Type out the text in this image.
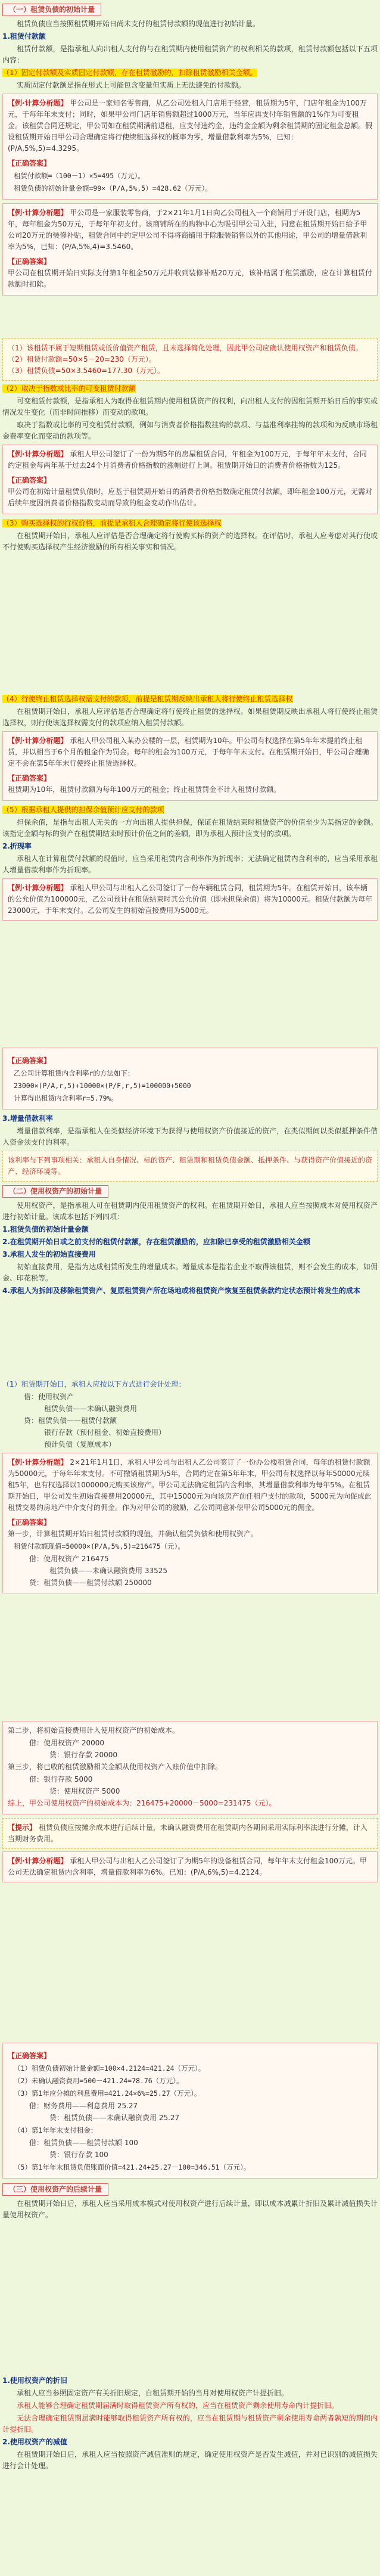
（一）租赁负债的初始计量

租赁负债应当按照租赁期开始日尚未支付的租赁付款额的现值进行初始计量。

1.租赁付款额

租赁付款额，是指承租人向出租人支付的与在租赁期内使用租赁资产的权利相关的款项，租赁付款额包括以下五项内容：

（1）固定付款额及实质固定付款额，存在租赁激励的，扣除租赁激励相关金额。

实质固定付款额是指在形式上可能包含变量但实质上无法避免的付款额。

【例·计算分析题】 甲公司是一家知名零售商，从乙公司处租入门店用于经营，租赁期为5年，门店年租金为100万元，于每年年末支付；同时，如果甲公司门店年销售额超过1000万元，当年应再支付年销售额的1%作为可变租金。该租赁合同还规定，甲公司如在租赁期满前退租，应支付违约金，违约金金额为剩余租赁期的固定租金总额。假设租赁期开始日甲公司合理确定将行使续租选择权的概率为零，增量借款利率为5%，已知：(P/A,5%,5)=4.3295。
【正确答案】
租赁付款额=（100－1）×5=495（万元）。
租赁负债的初始计量金额=99×（P/A,5%,5）=428.62（万元）。
【例·计算分析题】 甲公司是一家服装零售商，于2×21年1月1日向乙公司租入一个商铺用于开设门店，租期为5年，每年租金为50万元，于每年年初支付。该商铺所在的购物中心为吸引甲公司入驻，同意在租赁期开始日给予甲公司20万元的装修补贴，租赁合同中约定甲公司不得将商铺用于除服装销售以外的其他用途，甲公司的增量借款利率为5%，已知：(P/A,5%,4)=3.5460。
【正确答案】
甲公司在租赁期开始日实际支付第1年租金50万元并收到装修补贴20万元，该补贴属于租赁激励，应在计算租赁付款额时扣除。
（1）该租赁不属于短期租赁或低价值资产租赁，且未选择简化处理，因此甲公司应确认使用权资产和租赁负债。
（2）租赁付款额=50×5－20=230（万元）。
（3）租赁负债=50×3.5460=177.30（万元）。

（2）取决于指数或比率的可变租赁付款额

可变租赁付款额，是指承租人为取得在租赁期内使用租赁资产的权利，向出租人支付的因租赁期开始日后的事实或情况发生变化（而非时间推移）而变动的款项。

取决于指数或比率的可变租赁付款额，例如与消费者价格指数挂钩的款项、与基准利率挂钩的款项和为反映市场租金费率变化而变动的款项等。

【例·计算分析题】 承租人甲公司签订了一份为期5年的房屋租赁合同，年租金为100万元，于每年年末支付，合同约定租金每两年基于过去24个月消费者价格指数的涨幅进行上调。租赁期开始日的消费者价格指数为125。
【正确答案】
甲公司在初始计量租赁负债时，应基于租赁期开始日的消费者价格指数确定租赁付款额，即年租金100万元，无需对后续年度因消费者价格指数变动而导致的租金变动作出估计。

（3）购买选择权的行权价格，前提是承租人合理确定将行使该选择权

在租赁期开始日，承租人应评估是否合理确定将行使购买标的资产的选择权。在评估时，承租人应考虑对其行使或不行使购买选择权产生经济激励的所有相关事实和情况。

（4）行使终止租赁选择权需支付的款项，前提是租赁期反映出承租人将行使终止租赁选择权

在租赁期开始日，承租人应评估是否合理确定将行使终止租赁的选择权。如果租赁期反映出承租人将行使终止租赁选择权，则行使该选择权需支付的款项应纳入租赁付款额。

【例·计算分析题】 承租人甲公司租入某办公楼的一层，租赁期为10年。甲公司有权选择在第5年年末提前终止租赁，并以相当于6个月的租金作为罚金。每年的租金为100万元，于每年年末支付。在租赁期开始日，甲公司合理确定不会在第5年年末行使终止租赁选择权。
【正确答案】
租赁期为10年，租赁付款额为每年100万元的租金；终止租赁罚金不计入租赁付款额。

（5）根据承租人提供的担保余值预计应支付的款项

担保余值，是指与出租人无关的一方向出租人提供担保，保证在租赁结束时租赁资产的价值至少为某指定的金额。该指定金额与标的资产在租赁期结束时预计价值之间的差额，即为承租人预计应支付的款项。

2.折现率

承租人在计算租赁付款额的现值时，应当采用租赁内含利率作为折现率；无法确定租赁内含利率的，应当采用承租人增量借款利率作为折现率。

【例·计算分析题】 承租人甲公司与出租人乙公司签订了一份车辆租赁合同，租赁期为5年。在租赁开始日，该车辆的公允价值为100000元，乙公司预计在租赁结束时其公允价值（即未担保余值）将为10000元。租赁付款额为每年23000元，于年末支付。乙公司发生的初始直接费用为5000元。
【正确答案】
乙公司计算租赁内含利率r的方法如下：
23000×(P/A,r,5)+10000×(P/F,r,5)=100000+5000
计算得出租赁内含利率r=5.79%。
3.增量借款利率

增量借款利率，是指承租人在类似经济环境下为获得与使用权资产价值接近的资产，在类似期间以类似抵押条件借入资金须支付的利率。

该利率与下列事项相关：承租人自身情况、标的资产、租赁期和租赁负债金额、抵押条件、与获得资产价值接近的资产、经济环境等。
（二）使用权资产的初始计量

使用权资产，是指承租人可在租赁期内使用租赁资产的权利。在租赁期开始日，承租人应当按照成本对使用权资产进行初始计量。该成本包括下列四项：

1.租赁负债的初始计量金额
2.在租赁期开始日或之前支付的租赁付款额，存在租赁激励的，应扣除已享受的租赁激励相关金额
3.承租人发生的初始直接费用

初始直接费用，是指为达成租赁所发生的增量成本。增量成本是指若企业不取得该租赁，则不会发生的成本，如佣金、印花税等。

4.承租人为拆卸及移除租赁资产、复原租赁资产所在场地或将租赁资产恢复至租赁条款约定状态预计将发生的成本

（1）租赁期开始日，承租人应按以下方式进行会计处理：

借：使用权资产
租赁负债——未确认融资费用
贷：租赁负债——租赁付款额
银行存款（预付租金、初始直接费用）
预计负债（复原成本）
【例·计算分析题】 2×21年1月1日，承租人甲公司与出租人乙公司签订了一份办公楼租赁合同，每年的租赁付款额为50000元，于每年年末支付。不可撤销租赁期为5年，合同约定在第5年年末，甲公司有权选择以每年50000元续租5年，也有权选择以1000000元购买该房产。甲公司无法确定租赁内含利率，其增量借款利率为每年5%。在租赁期开始日，甲公司发生初始直接费用20000元，其中15000元为向该房产前任租户支付的款项，5000元为向促成此租赁交易的房地产中介支付的佣金。作为对甲公司的激励，乙公司同意补偿甲公司5000元的佣金。
【正确答案】
第一步，计算租赁期开始日租赁付款额的现值，并确认租赁负债和使用权资产。
租赁付款额现值=50000×(P/A,5%,5)=216475（元）。
借：使用权资产 216475
租赁负债——未确认融资费用 33525
贷：租赁负债——租赁付款额 250000
第二步，将初始直接费用计入使用权资产的初始成本。
借：使用权资产 20000
贷：银行存款 20000
第三步，将已收的租赁激励相关金额从使用权资产入账价值中扣除。
借：银行存款 5000
贷：使用权资产 5000
综上，甲公司使用权资产的初始成本为：216475+20000－5000=231475（元）。
【提示】 租赁负债应按摊余成本进行后续计量，未确认融资费用在租赁期内各期间采用实际利率法进行分摊，计入当期财务费用。
【例·计算分析题】 承租人甲公司与出租人乙公司签订了为期5年的设备租赁合同，每年年末支付租金100万元。甲公司无法确定租赁内含利率，增量借款利率为6%。已知：(P/A,6%,5)=4.2124。
【正确答案】
（1）租赁负债初始计量金额=100×4.2124=421.24（万元）。
（2）未确认融资费用=500－421.24=78.76（万元）。
（3）第1年应分摊的利息费用=421.24×6%=25.27（万元）。
借：财务费用——利息费用 25.27
贷：租赁负债——未确认融资费用 25.27
（4）第1年年末支付租金：
借：租赁负债——租赁付款额 100
贷：银行存款 100
（5）第1年年末租赁负债账面价值=421.24+25.27－100=346.51（万元）。
（三）使用权资产的后续计量

在租赁期开始日后，承租人应当采用成本模式对使用权资产进行后续计量，即以成本减累计折旧及累计减值损失计量使用权资产。

1.使用权资产的折旧

承租人应当参照固定资产有关折旧规定，自租赁期开始的当月对使用权资产计提折旧。

承租人能够合理确定租赁期届满时取得租赁资产所有权的，应当在租赁资产剩余使用寿命内计提折旧。

无法合理确定租赁期届满时能够取得租赁资产所有权的，应当在租赁期与租赁资产剩余使用寿命两者孰短的期间内计提折旧。

2.使用权资产的减值

在租赁期开始日后，承租人应当按照资产减值准则的规定，确定使用权资产是否发生减值，并对已识别的减值损失进行会计处理。
